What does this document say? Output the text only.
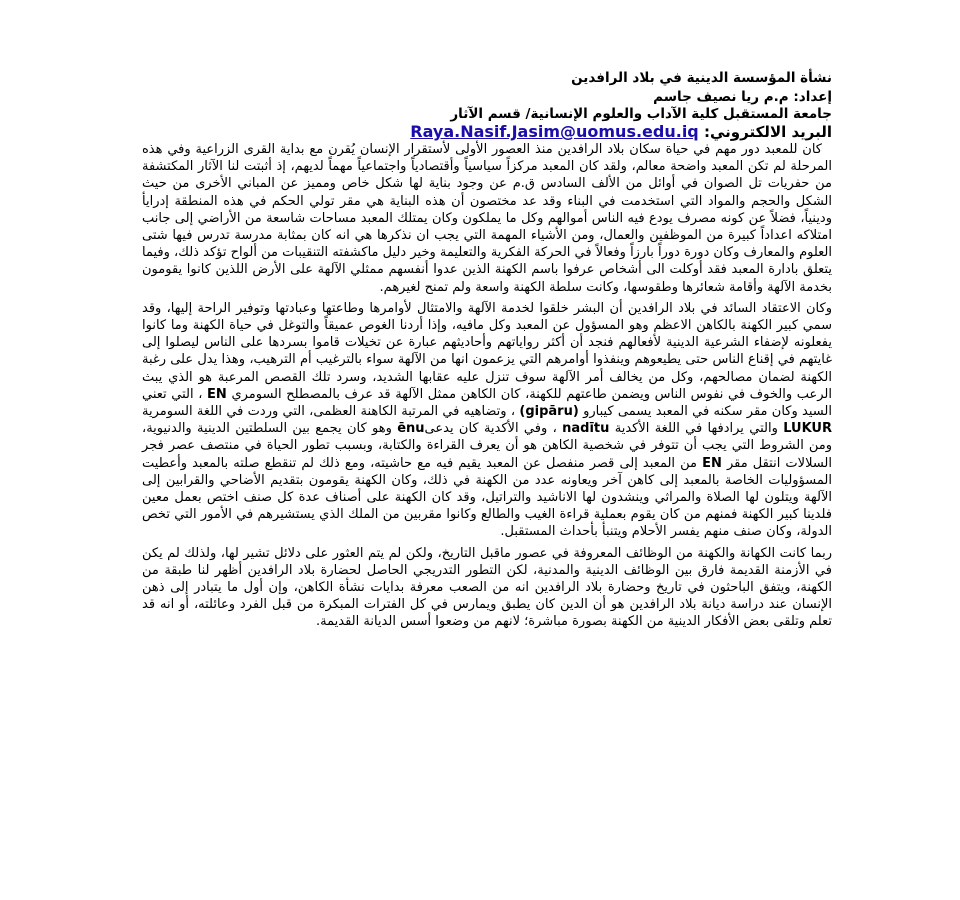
نشأة المؤسسة الدينية في بلاد الرافدين

إعداد: م.م ريا نصيف جاسم

جامعة المستقبل كلية الآداب والعلوم الإنسانية/ قسم الآثار

البريد الالكتروني: Raya.Nasif.Jasim@uomus.edu.iq

كان للمعبد دور مهم في حياة سكان بلاد الرافدين منذ العصور الأولى لأستقرار الإنسان يُقرن مع بداية القرى الزراعية وفي هذه المرحلة لم تكن المعبد واضحة معالم، ولقد كان المعبد مركزاً سياسياً وأقتصادياً واجتماعياً مهماً لديهم، إذ أثبتت لنا الآثار المكتشفة من حفريات تل الصوان في أوائل من الألف السادس ق.م عن وجود بناية لها شكل خاص ومميز عن المباني الأخرى من حيث الشكل والحجم والمواد التي استخدمت في البناء وقد عد مختصون أن هذه البناية هي مقر تولي الحكم في هذه المنطقة إدرايأ ودينياً، فضلاً عن كونه مصرف يودع فيه الناس أموالهم وكل ما يملكون وكان يمتلك المعبد مساحات شاسعة من الأراضي إلى جانب امتلاكه اعداداً كبيرة من الموظفين والعمال، ومن الأشياء المهمة التي يجب ان نذكرها هي انه كان بمثابة مدرسة تدرس فيها شتى العلوم والمعارف وكان دورة دوراً بارزاً وفعالاً في الحركة الفكرية والتعليمة وخير دليل ماكشفته التنقيبات من ألواح تؤكد ذلك، وفيما يتعلق بادارة المعبد فقد أوكلت الى أشخاص عرفوا باسم الكهنة الذين عدوا أنفسهم ممثلي الآلهة على الأرض اللذين كانوا يقومون بخدمة الآلهة وأقامة شعائرها وطقوسها، وكانت سلطة الكهنة واسعة ولم تمنح لغيرهم.

وكان الاعتقاد السائد في بلاد الرافدين أن البشر خلقوا لخدمة الآلهة والامتثال لأوامرها وطاعتها وعبادتها وتوفير الراحة إليها، وقد سمي كبير الكهنة بالكاهن الاعظم وهو المسؤول عن المعبد وكل مافيه، وإذا أردنا الغوص عميقاً والتوغل في حياة الكهنة وما كانوا يفعلونه لإضفاء الشرعية الدينية لأفعالهم فنجد أن أكثر رواياتهم وأحاديثهم عبارة عن تخيلات قاموا بسردها على الناس ليصلوا إلى غايتهم في إقناع الناس حتى يطيعوهم وينفذوا أوامرهم التي يزعمون انها من الآلهة سواء بالترغيب أم الترهيب، وهذا يدل على رغبة الكهنة لضمان مصالحهم، وكل من يخالف أمر الآلهة سوف تنزل عليه عقابها الشديد، وسرد تلك القصص المرعبة هو الذي يبث الرعب والخوف في نفوس الناس ويضمن طاعتهم للكهنة، كان الكاهن ممثل الآلهة قد عرف بالمصطلح السومري EN ، التي تعني السيد وكان مقر سكنه في المعبد يسمى كيبارو (gipāru) ، وتضاهيه في المرتبة الكاهنة العظمى، التي وردت في اللغة السومرية LUKUR والتي يرادفها في اللغة الأكدية nadītu ، وفي الأكدية كان يدعىēnu وهو كان يجمع بين السلطتين الدينية والدنيوية، ومن الشروط التي يجب أن تتوفر في شخصية الكاهن هو أن يعرف القراءة والكتابة، وبسبب تطور الحياة في منتصف عصر فجر السلالات انتقل مقر EN من المعبد إلى قصر منفصل عن المعبد يقيم فيه مع حاشيته، ومع ذلك لم تنقطع صلته بالمعبد وأعطيت المسؤوليات الخاصة بالمعبد إلى كاهن آخر ويعاونه عدد من الكهنة في ذلك، وكان الكهنة يقومون بتقديم الأضاحي والقرابين إلى الآلهة ويتلون لها الصلاة والمراثي وينشدون لها الاناشيد والتراتيل، وقد كان الكهنة على أصناف عدة كل صنف اختص بعمل معين فلدينا كبير الكهنة فمنهم من كان يقوم بعملية قراءة الغيب والطالع وكانوا مقربين من الملك الذي يستشيرهم في الأمور التي تخص الدولة، وكان صنف منهم يفسر الأحلام ويتنبأ بأحداث المستقبل.

ربما كانت الكهانة والكهنة من الوظائف المعروفة في عصور ماقبل التاريخ، ولكن لم يتم العثور على دلائل تشير لها، ولذلك لم يكن في الأزمنة القديمة فارق بين الوظائف الدينية والمدنية، لكن التطور التدريجي الحاصل لحضارة بلاد الرافدين أظهر لنا طبقة من الكهنة، ويتفق الباحثون في تاريخ وحضارة بلاد الرافدين انه من الصعب معرفة بدايات نشأة الكاهن، وإن أول ما يتبادر إلى ذهن الإنسان عند دراسة ديانة بلاد الرافدين هو أن الدين كان يطبق ويمارس في كل الفترات المبكرة من قبل الفرد وعائلته، أو انه قد تعلم وتلقى بعض الأفكار الدينية من الكهنة بصورة مباشرة؛ لانهم من وضعوا أسس الديانة القديمة.
